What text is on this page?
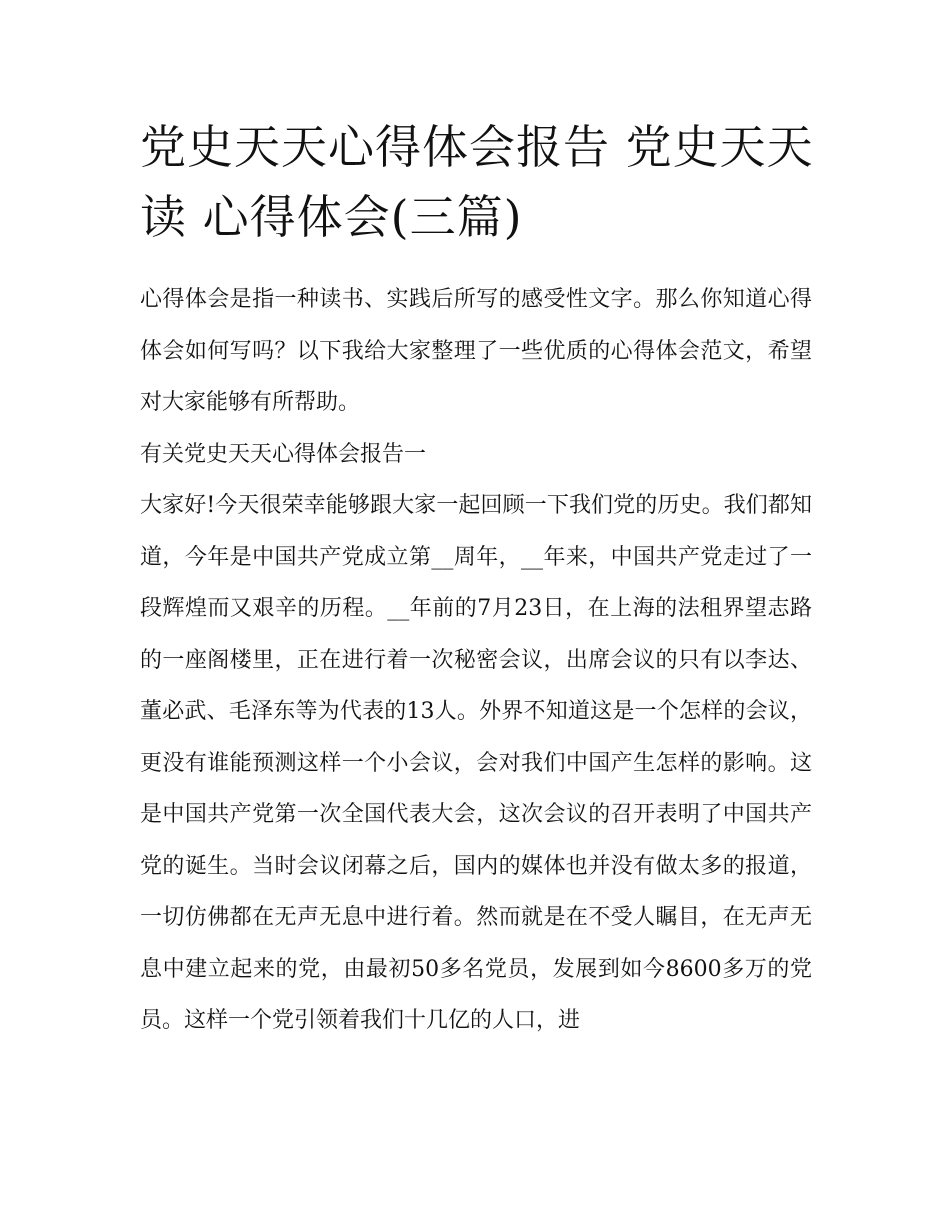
党史天天心得体会报告 党史天天读 心得体会(三篇)

心得体会是指一种读书、实践后所写的感受性文字。那么你知道心得体会如何写吗？以下我给大家整理了一些优质的心得体会范文，希望对大家能够有所帮助。

有关党史天天心得体会报告一

大家好!今天很荣幸能够跟大家一起回顾一下我们党的历史。我们都知道，今年是中国共产党成立第__周年，__年来，中国共产党走过了一段辉煌而又艰辛的历程。__年前的7月23日，在上海的法租界望志路的一座阁楼里，正在进行着一次秘密会议，出席会议的只有以李达、董必武、毛泽东等为代表的13人。外界不知道这是一个怎样的会议，更没有谁能预测这样一个小会议，会对我们中国产生怎样的影响。这是中国共产党第一次全国代表大会，这次会议的召开表明了中国共产党的诞生。当时会议闭幕之后，国内的媒体也并没有做太多的报道，一切仿佛都在无声无息中进行着。然而就是在不受人瞩目，在无声无息中建立起来的党，由最初50多名党员，发展到如今8600多万的党员。这样一个党引领着我们十几亿的人口，进
